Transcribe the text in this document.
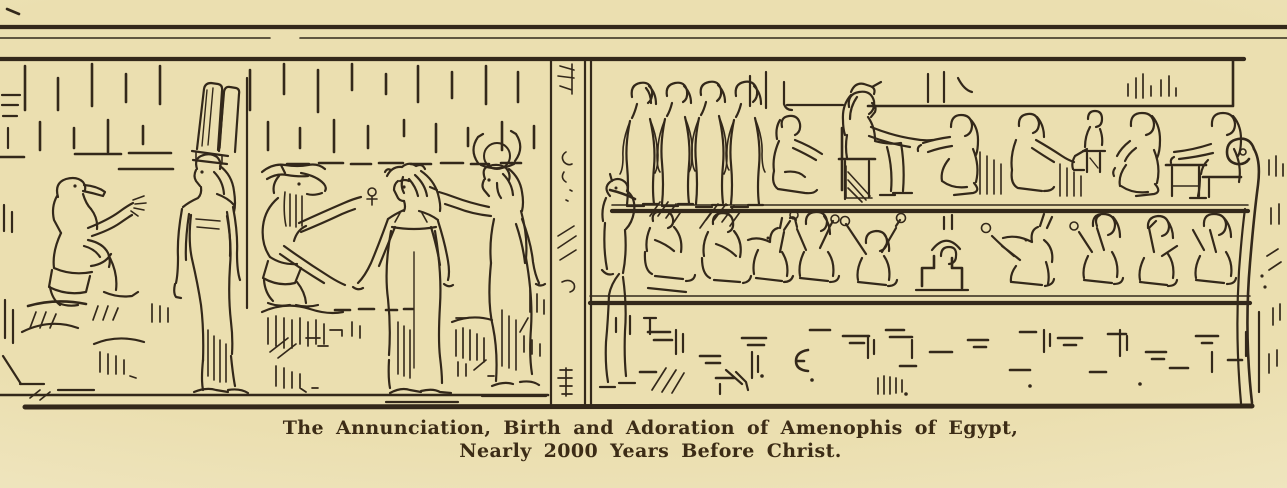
The Annunciation, Birth and Adoration of Amenophis of Egypt,
Nearly 2000 Years Before Christ.
